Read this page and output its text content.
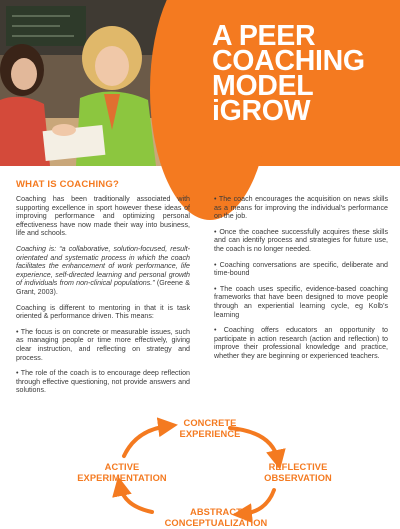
A PEER
COACHING
MODEL
iGROW
WHAT IS COACHING?

Coaching has been traditionally associated with supporting excellence in sport however these ideas of improving performance and optimizing personal effectiveness have now made their way into business, life and schools.

Coaching is: “a collaborative, solution-focused, result-orientated and systematic process in which the coach facilitates the enhancement of work performance, life experience, self-directed learning and personal growth of individuals from non-clinical populations.” (Greene & Grant, 2003).

Coaching is different to mentoring in that it is task oriented & performance driven. This means:

• The focus is on concrete or measurable issues, such as managing people or time more effectively, giving clear instruction, and reflecting on strategy and process.

• The role of the coach is to encourage deep reflection through effective questioning, not provide answers and solutions.

• The coach encourages the acquisition on news skills as a means for improving the individual’s performance on the job.

• Once the coachee successfully acquires these skills and can identify process and strategies for future use, the coach is no longer needed.

• Coaching conversations are specific, deliberate and time-bound

• The coach uses specific, evidence-based coaching frameworks that have been designed to move people through an experiential learning cycle, eg Kolb’s learning

• Coaching offers educators an opportunity to participate in action research (action and reflection) to improve their professional knowledge and practice, whether they are beginning or experienced teachers.

CONCRETE
EXPERIENCE
REFLECTIVE
OBSERVATION
ABSTRACT
CONCEPTUALIZATION
ACTIVE
EXPERIMENTATION
